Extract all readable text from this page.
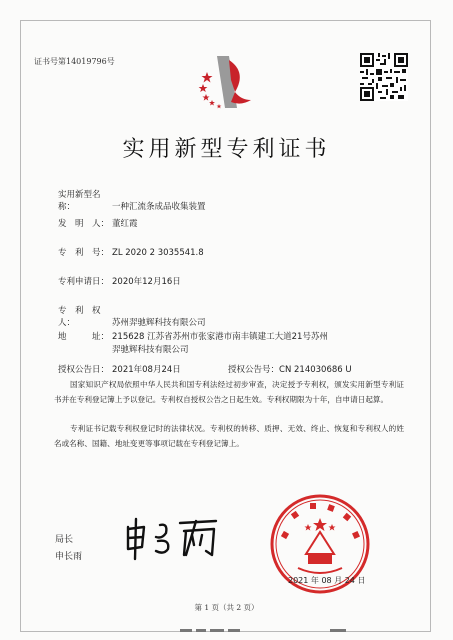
证书号第14019796号
实用新型专利证书
实用新型名称：	一种汇流条成品收集装置
发　明　人： 董红霞
专　利　号： ZL 2020 2 3035541.8
专利申请日： 2020年12月16日
专　利　权　人：	苏州羿驰辉科技有限公司
地　　　址： 215628 江苏省苏州市张家港市南丰镇建工大道21号苏州
羿驰辉科技有限公司
授权公告日： 2021年08月24日	授权公告号：CN 214030686 U
国家知识产权局依照中华人民共和国专利法经过初步审查，决定授予专利权，颁发实用新型专利证书并在专利登记簿上予以登记。专利权自授权公告之日起生效。专利权期限为十年，自申请日起算。
专利证书记载专利权登记时的法律状况。专利权的转移、质押、无效、终止、恢复和专利权人的姓名或名称、国籍、地址变更等事项记载在专利登记簿上。
局长
申长雨
2021 年 08 月 24 日
第 1 页（共 2 页）
